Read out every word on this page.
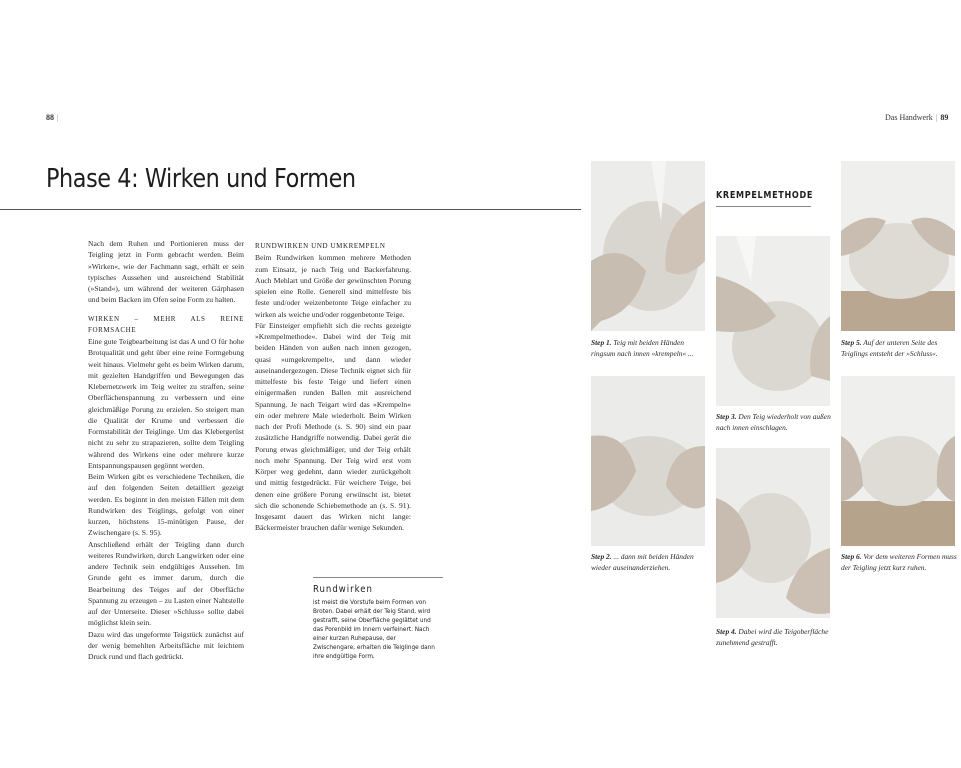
88 |	Das Handwerk | 89
Phase 4: Wirken und Formen

Nach dem Ruhen und Portionieren muss der Teigling jetzt in Form gebracht werden. Beim »Wirken«, wie der Fachmann sagt, erhält er sein typisches Aussehen und ausreichend Stabilität (»Stand«), um während der weiteren Gärphasen und beim Backen im Ofen seine Form zu halten.

WIRKEN – MEHR ALS REINE FORMSACHE

Eine gute Teigbearbeitung ist das A und O für hohe Brotqualität und geht über eine reine Formgebung weit hinaus. Vielmehr geht es beim Wirken darum, mit gezielten Handgriffen und Bewegungen das Klebernetzwerk im Teig weiter zu straffen, seine Oberflächenspannung zu verbessern und eine gleichmäßige Porung zu erzielen. So steigert man die Qualität der Krume und verbessert die Formstabilität der Teiglinge. Um das Klebergerüst nicht zu sehr zu strapazieren, sollte dem Teigling während des Wirkens eine oder mehrere kurze Entspannungspausen gegönnt werden.

Beim Wirken gibt es verschiedene Techniken, die auf den folgenden Seiten detailliert gezeigt werden. Es beginnt in den meisten Fällen mit dem Rundwirken des Teiglings, gefolgt von einer kurzen, höchstens 15-minütigen Pause, der Zwischengare (s. S. 95).

Anschließend erhält der Teigling dann durch weiteres Rundwirken, durch Langwirken oder eine andere Technik sein endgültiges Aussehen. Im Grunde geht es immer darum, durch die Bearbeitung des Teiges auf der Oberfläche Spannung zu erzeugen – zu Lasten einer Nahtstelle auf der Unterseite. Dieser »Schluss« sollte dabei möglichst klein sein.

Dazu wird das ungeformte Teigstück zunächst auf der wenig bemehlten Arbeitsfläche mit leichtem Druck rund und flach gedrückt.

RUNDWIRKEN UND UMKREMPELN

Beim Rundwirken kommen mehrere Methoden zum Einsatz, je nach Teig und Backerfahrung. Auch Mehlart und Größe der gewünschten Porung spielen eine Rolle. Generell sind mittelfeste bis feste und/oder weizenbetonte Teige einfacher zu wirken als weiche und/oder roggenbetonte Teige.

Für Einsteiger empfiehlt sich die rechts gezeigte »Krempelmethode«. Dabei wird der Teig mit beiden Händen von außen nach innen gezogen, quasi »umgekrempelt«, und dann wieder auseinandergezogen. Diese Technik eignet sich für mittelfeste bis feste Teige und liefert einen einigermaßen runden Ballen mit ausreichend Spannung. Je nach Teigart wird das »Krempeln« ein oder mehrere Male wiederholt. Beim Wirken nach der Profi Methode (s. S. 90) sind ein paar zusätzliche Handgriffe notwendig. Dabei gerät die Porung etwas gleichmäßiger, und der Teig erhält noch mehr Spannung. Der Teig wird erst vom Körper weg gedehnt, dann wieder zurückgeholt und mittig festgedrückt. Für weichere Teige, bei denen eine größere Porung erwünscht ist, bietet sich die schonende Schiebemethode an (s. S. 91). Insgesamt dauert das Wirken nicht lange: Bäckermeister brauchen dafür wenige Sekunden.

Rundwirken

ist meist die Vorstufe beim Formen von Broten. Dabei erhält der Teig Stand, wird gestrafft, seine Oberfläche geglättet und das Porenbild im Innern verfeinert. Nach einer kurzen Ruhepause, der Zwischengare, erhalten die Teiglinge dann ihre endgültige Form.

KREMPELMETHODE
Step 1. Teig mit beiden Händen ringsum nach innen »krempeln« ...
Step 2. ... dann mit beiden Händen wieder auseinanderziehen.
Step 3. Den Teig wiederholt von außen nach innen einschlagen.
Step 4. Dabei wird die Teigoberfläche zunehmend gestrafft.
Step 5. Auf der unteren Seite des Teiglings entsteht der »Schluss«.
Step 6. Vor dem weiteren Formen muss der Teigling jetzt kurz ruhen.
